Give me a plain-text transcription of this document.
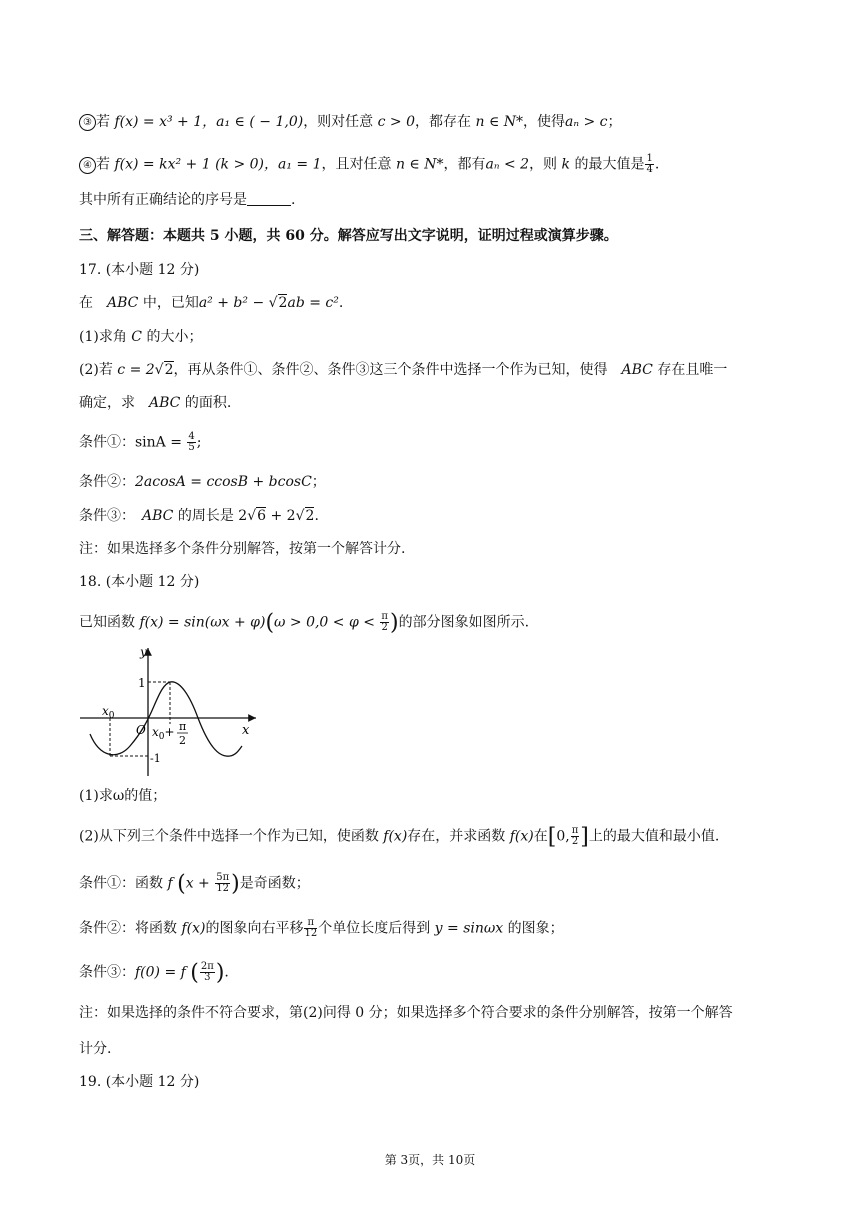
③ 若 f(x) = x³ + 1，a₁ ∈ ( − 1,0)，则对任意 c > 0，都存在 n ∈ N*，使得aₙ > c；
④ 若 f(x) = kx² + 1 (k > 0)，a₁ = 1，且对任意 n ∈ N*，都有aₙ < 2，则 k 的最大值是 $\frac{1}{4}$ .
其中所有正确结论的序号是	.
三、解答题：本题共 5 小题，共 60 分。解答应写出文字说明，证明过程或演算步骤。
17. (本小题 12 分)
在　ABC 中，已知a² + b² − √2ab = c².
(1)求角 C 的大小；
(2)若 c = 2√2，再从条件①、条件②、条件③这三个条件中选择一个作为已知，使得　ABC 存在且唯一
确定，求　ABC 的面积.
条件①：$\sin A = \frac{4}{5}$ ;
条件②：2acosA = ccosB + bcosC；
条件③：　ABC 的周长是 2√6 + 2√2.
注：如果选择多个条件分别解答，按第一个解答计分.
18. (本小题 12 分)
已知函数 $f(x) = \sin(\omega x + \varphi)(\omega > 0,0 < \varphi < \frac{\pi}{2}$ )的部分图象如图所示.
y
x
1
-1
O
$x_0$
$x_0+ \pi$
2
(1)求ω的值；
(2)从下列三个条件中选择一个作为已知，使函数 f(x)存在，并求函数 f(x)在[0, $\frac{\pi}{2}$ ]上的最大值和最小值.
条件①：函数 f ($x + \frac{5\pi}{12}$ )是奇函数；
条件②：将函数 f(x)的图象向右平移 $\frac{\pi}{12}$ 个单位长度后得到 y = sinωx 的图象；
条件③：f(0) = f ( $\frac{2\pi}{3}$ ).
注：如果选择的条件不符合要求，第(2)问得 0 分；如果选择多个符合要求的条件分别解答，按第一个解答
计分.
19. (本小题 12 分)
第 3页，共 10页
